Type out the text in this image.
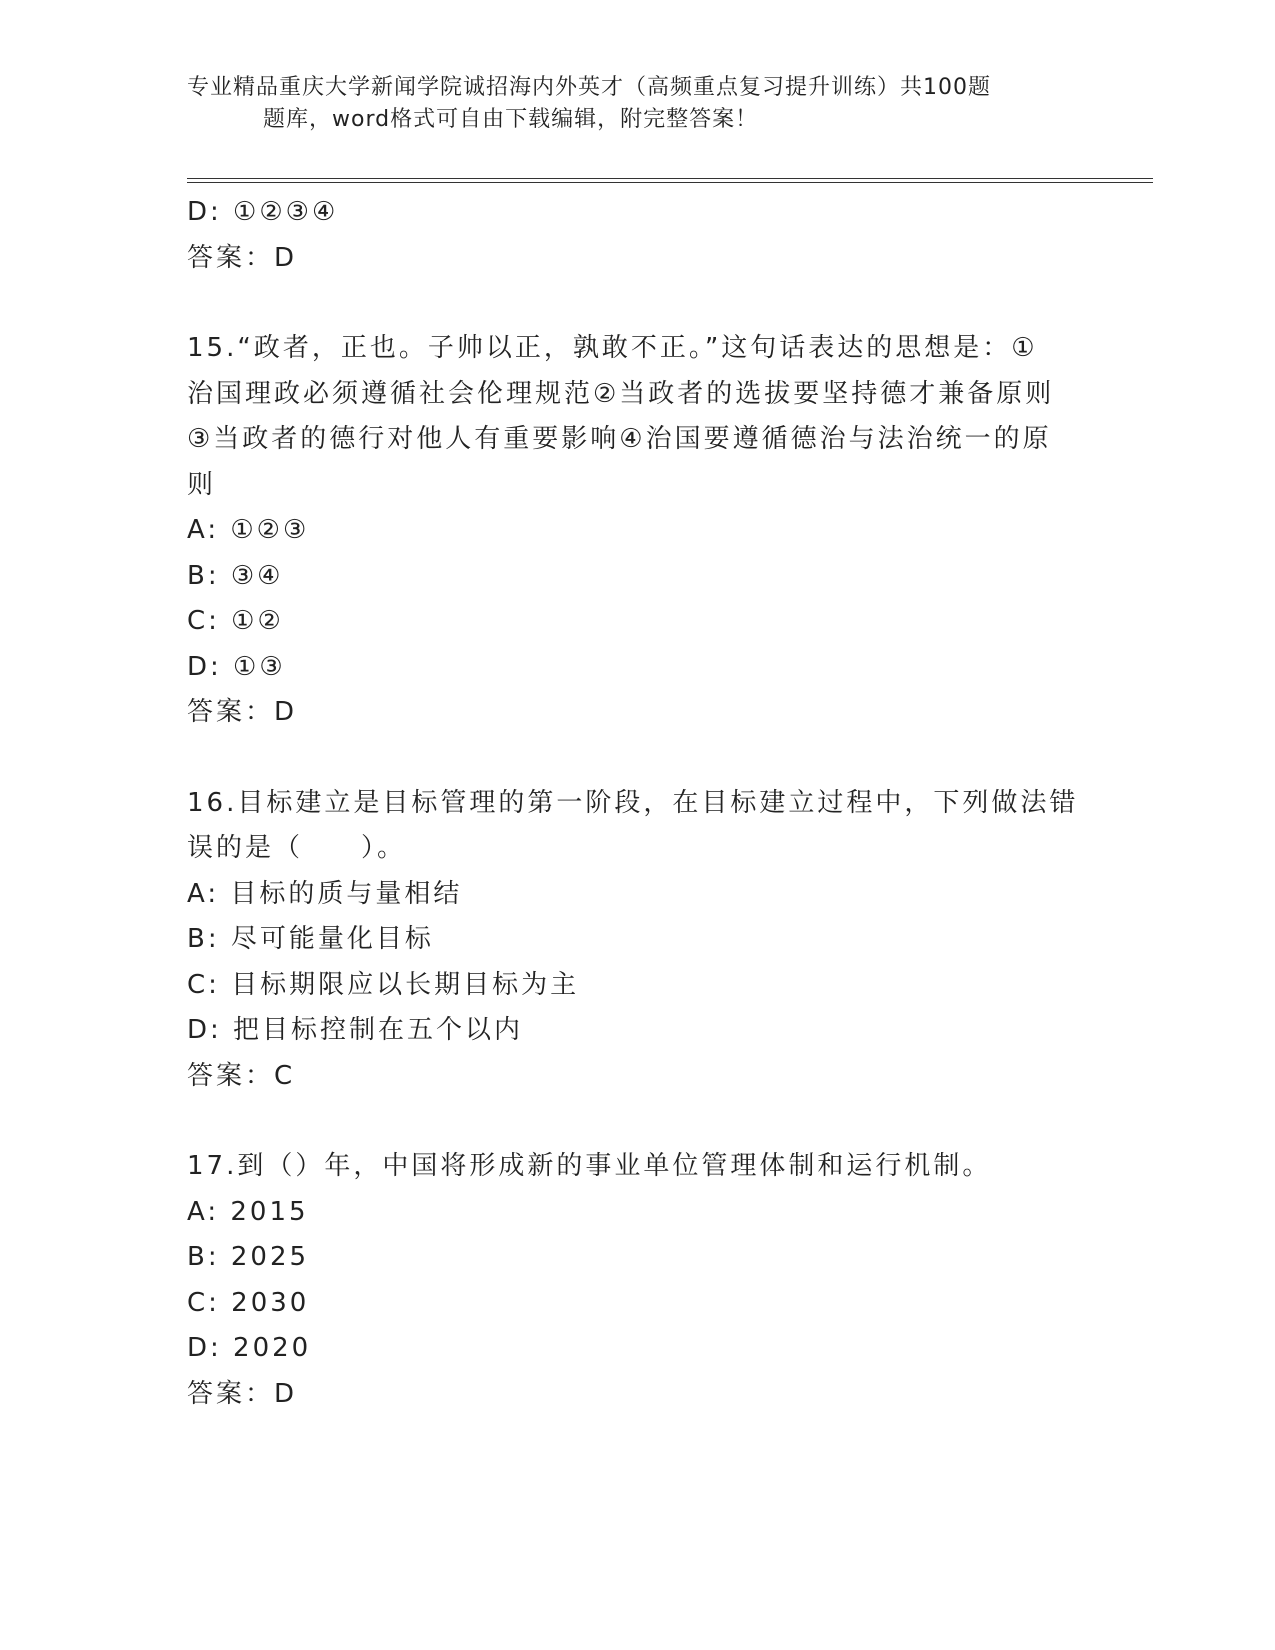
专业精品重庆大学新闻学院诚招海内外英才（高频重点复习提升训练）共100题
题库，word格式可自由下载编辑，附完整答案！

D: ①②③④

答案：D

15.“政者，正也。子帅以正，孰敢不正。”这句话表达的思想是：①

治国理政必须遵循社会伦理规范②当政者的选拔要坚持德才兼备原则

③当政者的德行对他人有重要影响④治国要遵循德治与法治统一的原

则

A: ①②③

B: ③④

C: ①②

D: ①③

答案：D

16.目标建立是目标管理的第一阶段，在目标建立过程中，下列做法错

误的是（　　）。

A: 目标的质与量相结

B: 尽可能量化目标

C: 目标期限应以长期目标为主

D: 把目标控制在五个以内

答案：C

17.到（）年，中国将形成新的事业单位管理体制和运行机制。

A: 2015

B: 2025

C: 2030

D: 2020

答案：D
